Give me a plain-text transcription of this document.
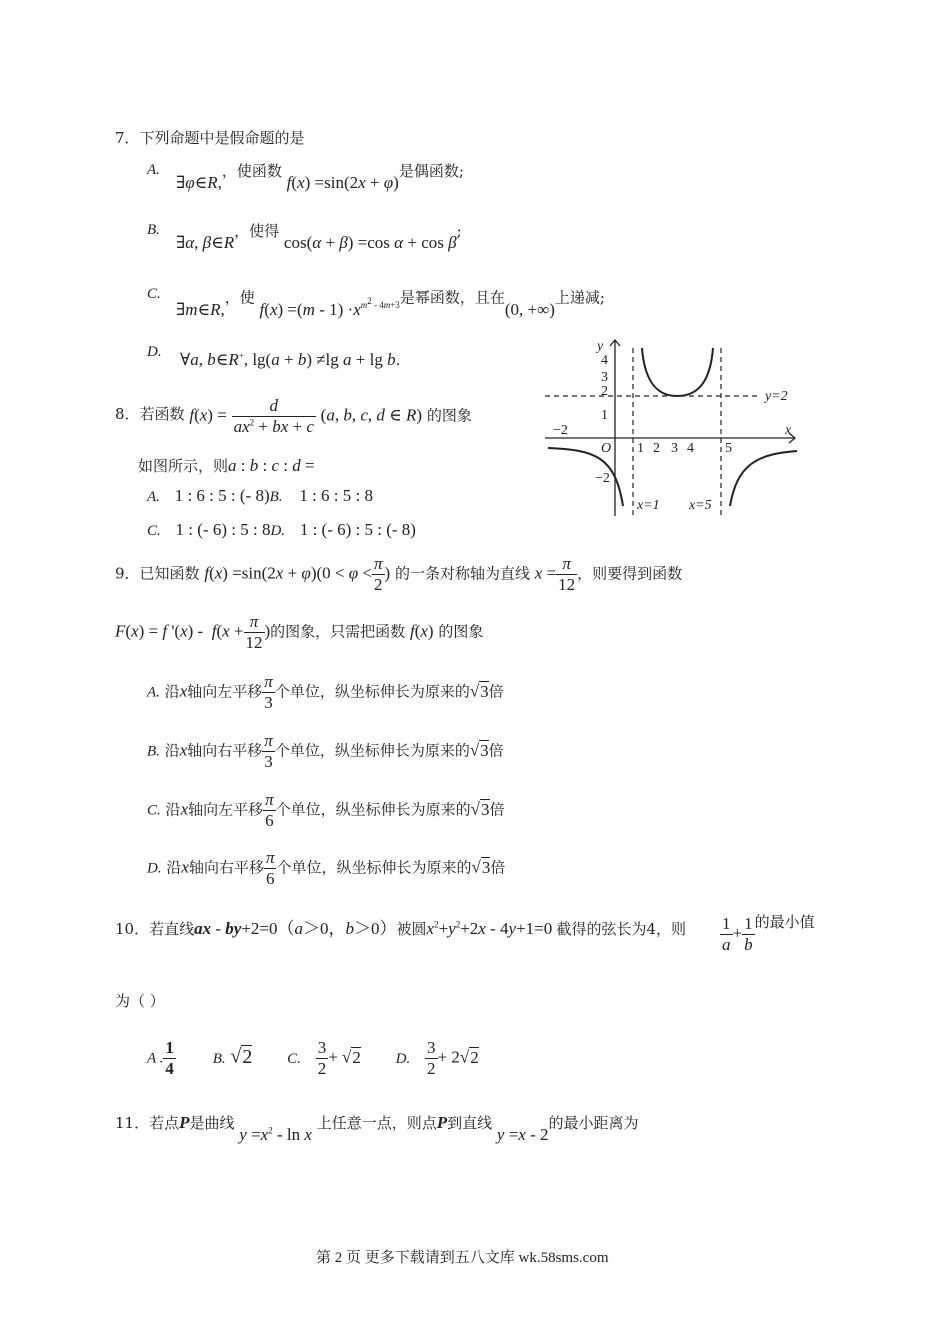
7．下列命题中是假命题的是
A.
∃φ∈R,，使函数 f(x) =sin(2x + φ)是偶函数;
B.
∃α, β∈R，使得 cos(α + β) =cos α + cos β;
C.
∃m∈R,，使 $f(x) =(m - 1) \cdot x^{m^2 - 4m+3}$是幂函数，且在(0, +∞)上递减;
D. ∀a, b∈R+, lg(a + b) ≠lg a + lg b.
8．若函数 $f(x) = \frac{d}{ax^2 + bx + c} (a$, b, c, d ∈ R) 的图象
如图所示，则a : b : c : d =
A. 1 : 6 : 5 : (- 8)B. 1 : 6 : 5 : 8
C. 1 : (- 6) : 5 : 8D. 1 : (- 6) : 5 : (- 8)
y
x
4
3
2
1
1 2 3 4 5
−2
−2
O
x=1 x=5
y=2
9．已知函数 $f(x) =\sin(2x + \varphi)(0 < \varphi < \frac{\pi}{2}$ ) 的一条对称轴为直线 $x = \frac{\pi}{12}$ ，则要得到函数
F(x) = f '$(x) - f(x + \frac{\pi}{12}$ )的图象，只需把函数 f(x) 的图象
A. 沿x轴向左平移 $\frac{\pi}{3}$ 个单位，纵坐标伸长为原来的√3倍
B. 沿x轴向右平移 $\frac{\pi}{3}$ 个单位，纵坐标伸长为原来的√3倍
C. 沿x轴向左平移 $\frac{\pi}{6}$ 个单位，纵坐标伸长为原来的√3倍
D. 沿x轴向右平移 $\frac{\pi}{6}$ 个单位，纵坐标伸长为原来的√3倍
10．若直线ax - by+2=0（a＞0，b＞0）被圆$x^2+y^2+2x - 4y+1=0$ 截得的弦长为4，则 $\frac{1}{a} + \frac{1}{b}$ 的最小值
为（ ）
A . $\frac{1}{4} B$. √2 C. $\frac{3}{2} + √2$ D. $\frac{3}{2} + 2√2$
11．若点P是曲线 $y =x^2 - \ln x$ 上任意一点，则点P到直线 y =x - 2的最小距离为
第 2 页 更多下载请到五八文库 wk.58sms.com
